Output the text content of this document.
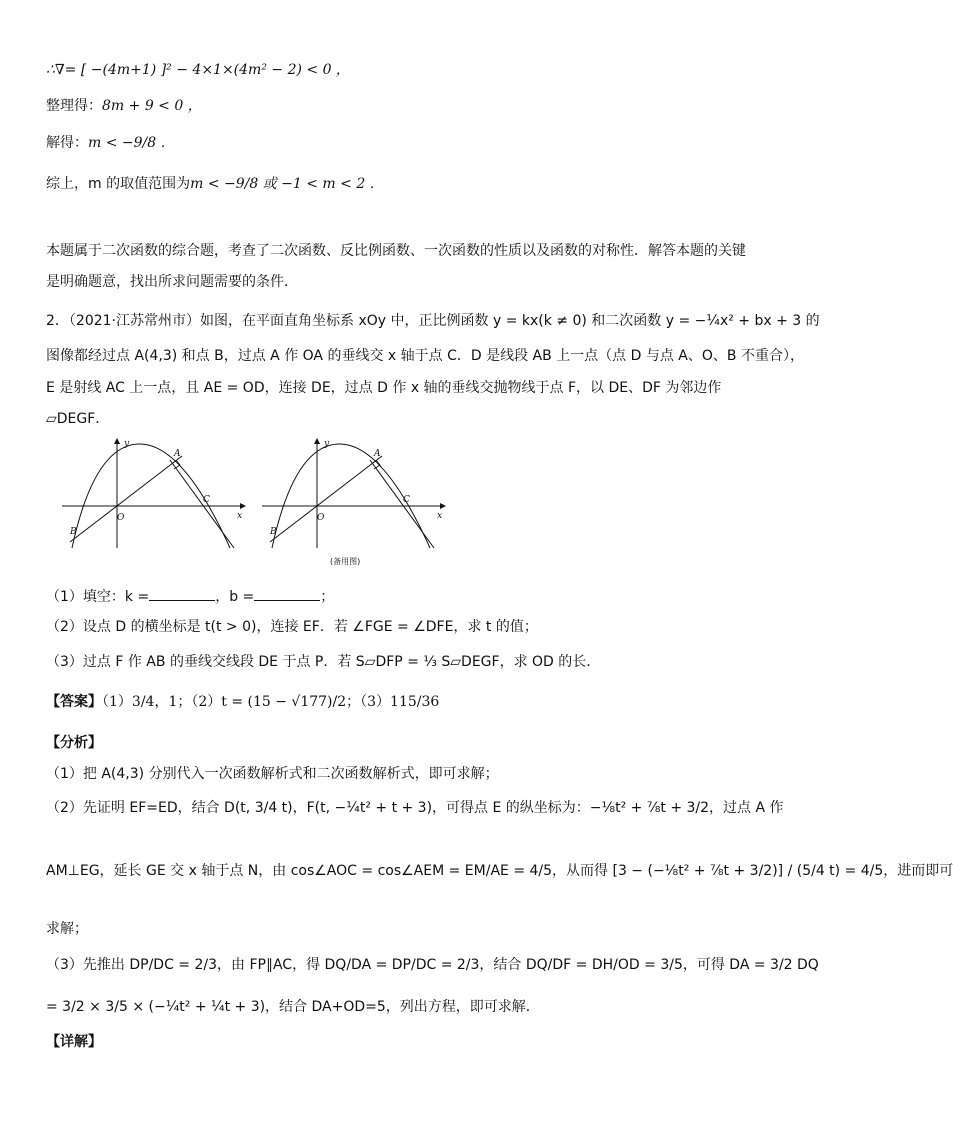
∴∇= [ −(4m+1) ]² − 4×1×(4m² − 2) < 0 ，
整理得：8m + 9 < 0 ，
解得：m < −9/8 ．
综上，m 的取值范围为m < −9/8 或 −1 < m < 2 ．
本题属于二次函数的综合题，考查了二次函数、反比例函数、一次函数的性质以及函数的对称性．解答本题的关键
是明确题意，找出所求问题需要的条件．
2．（2021·江苏常州市）如图，在平面直角坐标系 xOy 中，正比例函数 y = kx(k ≠ 0) 和二次函数 y = −¼x² + bx + 3 的
图像都经过点 A(4,3) 和点 B，过点 A 作 OA 的垂线交 x 轴于点 C．D 是线段 AB 上一点（点 D 与点 A、O、B 不重合），
E 是射线 AC 上一点，且 AE = OD，连接 DE，过点 D 作 x 轴的垂线交抛物线于点 F，以 DE、DF 为邻边作
▱DEGF．
y
x
O
A
B
C
y
x
O
A
B
C
(备用图)
（1）填空：k =	，b =	；
（2）设点 D 的横坐标是 t(t > 0)，连接 EF．若 ∠FGE = ∠DFE，求 t 的值；
（3）过点 F 作 AB 的垂线交线段 DE 于点 P．若 S▱DFP = ⅓ S▱DEGF，求 OD 的长．
【答案】（1）3/4，1；（2）t = (15 − √177)/2；（3）115/36
【分析】
（1）把 A(4,3) 分别代入一次函数解析式和二次函数解析式，即可求解；
（2）先证明 EF=ED，结合 D(t, 3/4 t)，F(t, −¼t² + t + 3)，可得点 E 的纵坐标为：−⅛t² + ⅞t + 3/2，过点 A 作
AM⊥EG，延长 GE 交 x 轴于点 N，由 cos∠AOC = cos∠AEM = EM/AE = 4/5，从而得 [3 − (−⅛t² + ⅞t + 3/2)] / (5/4 t) = 4/5，进而即可
求解；
（3）先推出 DP/DC = 2/3，由 FP∥AC，得 DQ/DA = DP/DC = 2/3，结合 DQ/DF = DH/OD = 3/5，可得 DA = 3/2 DQ
= 3/2 × 3/5 × (−¼t² + ¼t + 3)，结合 DA+OD=5，列出方程，即可求解．
【详解】
